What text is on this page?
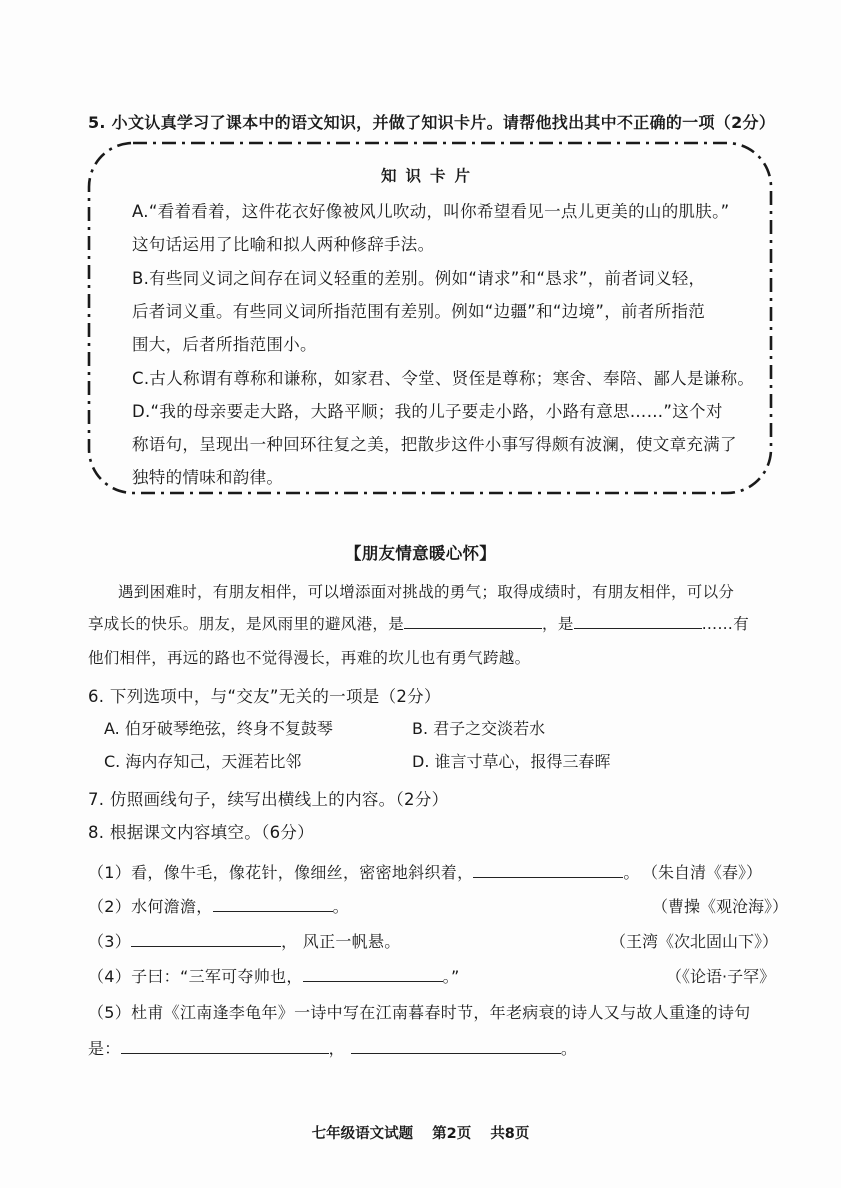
5. 小文认真学习了课本中的语文知识，并做了知识卡片。请帮他找出其中不正确的一项（2分）
知识卡片
A.“看着看着，这件花衣好像被风儿吹动，叫你希望看见一点儿更美的山的肌肤。”
这句话运用了比喻和拟人两种修辞手法。
B.有些同义词之间存在词义轻重的差别。例如“请求”和“恳求”，前者词义轻，
后者词义重。有些同义词所指范围有差别。例如“边疆”和“边境”，前者所指范
围大，后者所指范围小。
C.古人称谓有尊称和谦称，如家君、令堂、贤侄是尊称；寒舍、奉陪、鄙人是谦称。
D.“我的母亲要走大路，大路平顺；我的儿子要走小路，小路有意思……”这个对
称语句，呈现出一种回环往复之美，把散步这件小事写得颇有波澜，使文章充满了
独特的情味和韵律。
【朋友情意暖心怀】
遇到困难时，有朋友相伴，可以增添面对挑战的勇气；取得成绩时，有朋友相伴，可以分
享成长的快乐。朋友，是风雨里的避风港，是	，是	……有
他们相伴，再远的路也不觉得漫长，再难的坎儿也有勇气跨越。
6. 下列选项中，与“交友”无关的一项是（2分）
A. 伯牙破琴绝弦，终身不复鼓琴	B. 君子之交淡若水
C. 海内存知己，天涯若比邻	D. 谁言寸草心，报得三春晖
7. 仿照画线句子，续写出横线上的内容。（2分）
8. 根据课文内容填空。（6分）
（1）看，像牛毛，像花针，像细丝，密密地斜织着，	。 （朱自清《春》）
（2）水何澹澹，	。	（曹操《观沧海》）
（3）	， 风正一帆悬。	（王湾《次北固山下》）
（4）子曰：“三军可夺帅也，	。”	（《论语·子罕》
（5）杜甫《江南逢李龟年》一诗中写在江南暮春时节，年老病衰的诗人又与故人重逢的诗句
是：	，	。
七年级语文试题 第2页 共8页
